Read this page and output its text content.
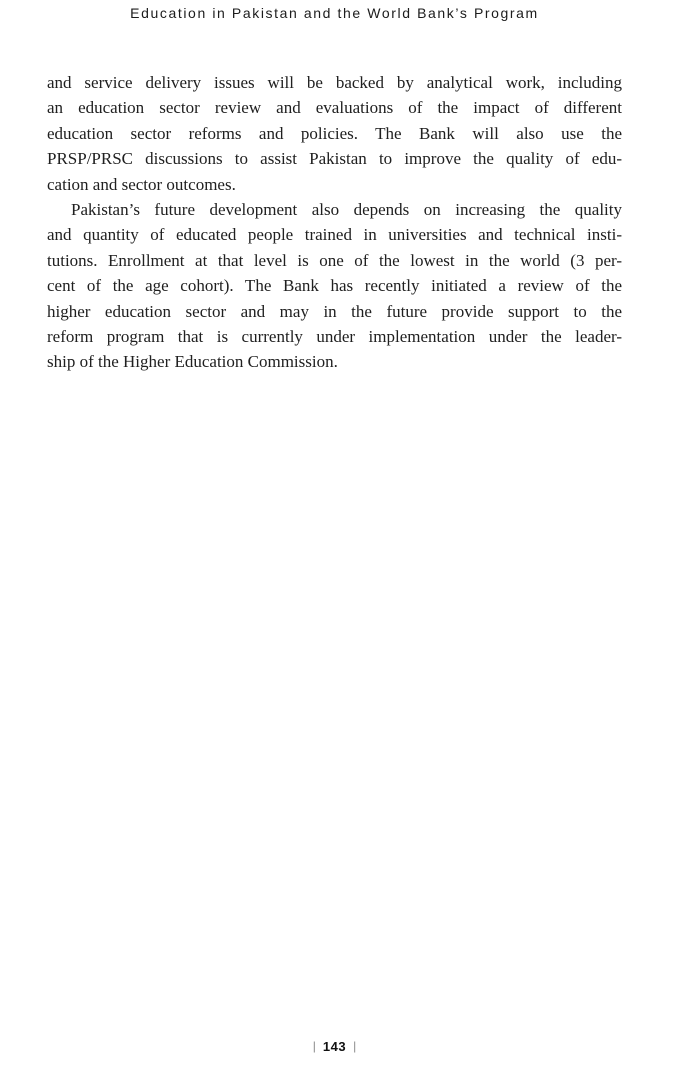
Education in Pakistan and the World Bank’s Program
and service delivery issues will be backed by analytical work, including
an education sector review and evaluations of the impact of different
education sector reforms and policies. The Bank will also use the
PRSP/PRSC discussions to assist Pakistan to improve the quality of edu-
cation and sector outcomes.
Pakistan’s future development also depends on increasing the quality
and quantity of educated people trained in universities and technical insti-
tutions. Enrollment at that level is one of the lowest in the world (3 per-
cent of the age cohort). The Bank has recently initiated a review of the
higher education sector and may in the future provide support to the
reform program that is currently under implementation under the leader-
ship of the Higher Education Commission.
| 143 |
